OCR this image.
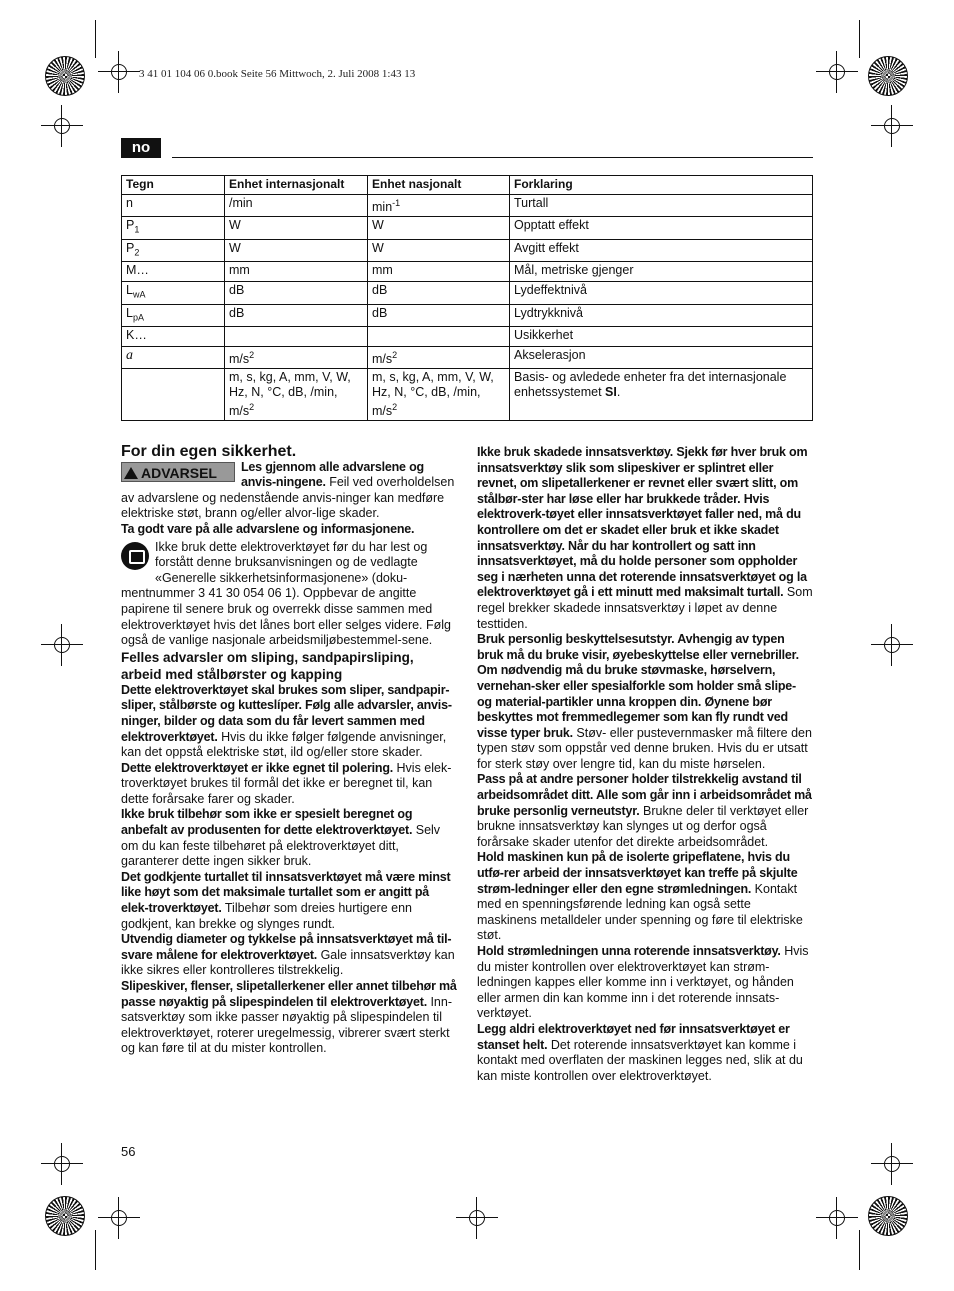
3 41 01 104 06 0.book Seite 56 Mittwoch, 2. Juli 2008 1:43 13
no
Tegn	Enhet internasjonalt	Enhet nasjonalt	Forklaring
n	/min	$\min^{-1}$	Turtall
$P_1$	W	W	Opptatt effekt
$P_2$	W	W	Avgitt effekt
M…	mm	mm	Mål, metriske gjenger
$L_{wA}$	dB	dB	Lydeffektnivå
$L_{pA}$	dB	dB	Lydtrykknivå
K…			Usikkerhet
a	$m/s^2$	$m/s^2$	Akselerasjon
	m, s, kg, A, mm, V, W, Hz, N, °C, dB, /min, $m/s^2$	m, s, kg, A, mm, V, W, Hz, N, °C, dB, /min, $m/s^2$	Basis- og avledede enheter fra det internasjonale enhetssystemet SI.

For din egen sikkerhet.

ADVARSEL	Les gjennom alle advarslene og anvis-ningene. Feil ved overholdelsen av advarslene og nedenstående anvis-ninger kan medføre elektriske støt, brann og/eller alvor-lige skader.

Ta godt vare på alle advarslene og informasjonene.

Ikke bruk dette elektroverktøyet før du har lest og forstått denne bruksanvisningen og de vedlagte «Generelle sikkerhetsinformasjonene» (doku-mentnummer 3 41 30 054 06 1). Oppbevar de angitte papirene til senere bruk og overrekk disse sammen med elektroverktøyet hvis det lånes bort eller selges videre. Følg også de vanlige nasjonale arbeidsmiljøbestemmel-sene.

Felles advarsler om sliping, sandpapirsliping, arbeid med stålbørster og kapping

Dette elektroverktøyet skal brukes som sliper, sandpapir-sliper, stålbørste og kutteslíper. Følg alle advarsler, anvis-ninger, bilder og data som du får levert sammen med elektroverktøyet. Hvis du ikke følger følgende anvisninger, kan det oppstå elektriske støt, ild og/eller store skader.

Dette elektroverktøyet er ikke egnet til polering. Hvis elek-troverktøyet brukes til formål det ikke er beregnet til, kan dette forårsake farer og skader.

Ikke bruk tilbehør som ikke er spesielt beregnet og anbefalt av produsenten for dette elektroverktøyet. Selv om du kan feste tilbehøret på elektroverktøyet ditt, garanterer dette ingen sikker bruk.

Det godkjente turtallet til innsatsverktøyet må være minst like høyt som det maksimale turtallet som er angitt på elek-troverktøyet. Tilbehør som dreies hurtigere enn godkjent, kan brekke og slynges rundt.

Utvendig diameter og tykkelse på innsatsverktøyet må til-svare målene for elektroverktøyet. Gale innsatsverktøy kan ikke sikres eller kontrolleres tilstrekkelig.

Slipeskiver, flenser, slipetallerkener eller annet tilbehør må passe nøyaktig på slipespindelen til elektroverktøyet. Inn-satsverktøy som ikke passer nøyaktig på slipespindelen til elektroverktøyet, roterer uregelmessig, vibrerer svært sterkt og kan føre til at du mister kontrollen.

Ikke bruk skadede innsatsverktøy. Sjekk før hver bruk om innsatsverktøy slik som slipeskiver er splintret eller revnet, om slipetallerkener er revnet eller svært slitt, om stålbør-ster har løse eller har brukkede tråder. Hvis elektroverk-tøyet eller innsatsverktøyet faller ned, må du kontrollere om det er skadet eller bruk et ikke skadet innsatsverktøy. Når du har kontrollert og satt inn innsatsverktøyet, må du holde personer som oppholder seg i nærheten unna det roterende innsatsverktøyet og la elektroverktøyet gå i ett minutt med maksimalt turtall. Som regel brekker skadede innsatsverktøy i løpet av denne testtiden.

Bruk personlig beskyttelsesutstyr. Avhengig av typen bruk må du bruke visir, øyebeskyttelse eller vernebriller. Om nødvendig må du bruke støvmaske, hørselvern, vernehan-sker eller spesialforkle som holder små slipe- og material-partikler unna kroppen din. Øynene bør beskyttes mot fremmedlegemer som kan fly rundt ved visse typer bruk. Støv- eller pustevernmasker må filtere den typen støv som oppstår ved denne bruken. Hvis du er utsatt for sterk støy over lengre tid, kan du miste hørselen.

Pass på at andre personer holder tilstrekkelig avstand til arbeidsområdet ditt. Alle som går inn i arbeidsområdet må bruke personlig verneutstyr. Brukne deler til verktøyet eller brukne innsatsverktøy kan slynges ut og derfor også forårsake skader utenfor det direkte arbeidsområdet.

Hold maskinen kun på de isolerte gripeflatene, hvis du utfø-rer arbeid der innsatsverktøyet kan treffe på skjulte strøm-ledninger eller den egne strømledningen. Kontakt med en spenningsførende ledning kan også sette maskinens metalldeler under spenning og føre til elektriske støt.

Hold strømledningen unna roterende innsatsverktøy. Hvis du mister kontrollen over elektroverktøyet kan strøm-ledningen kappes eller komme inn i verktøyet, og hånden eller armen din kan komme inn i det roterende innsats-verktøyet.

Legg aldri elektroverktøyet ned før innsatsverktøyet er stanset helt. Det roterende innsatsverktøyet kan komme i kontakt med overflaten der maskinen legges ned, slik at du kan miste kontrollen over elektroverktøyet.

56
